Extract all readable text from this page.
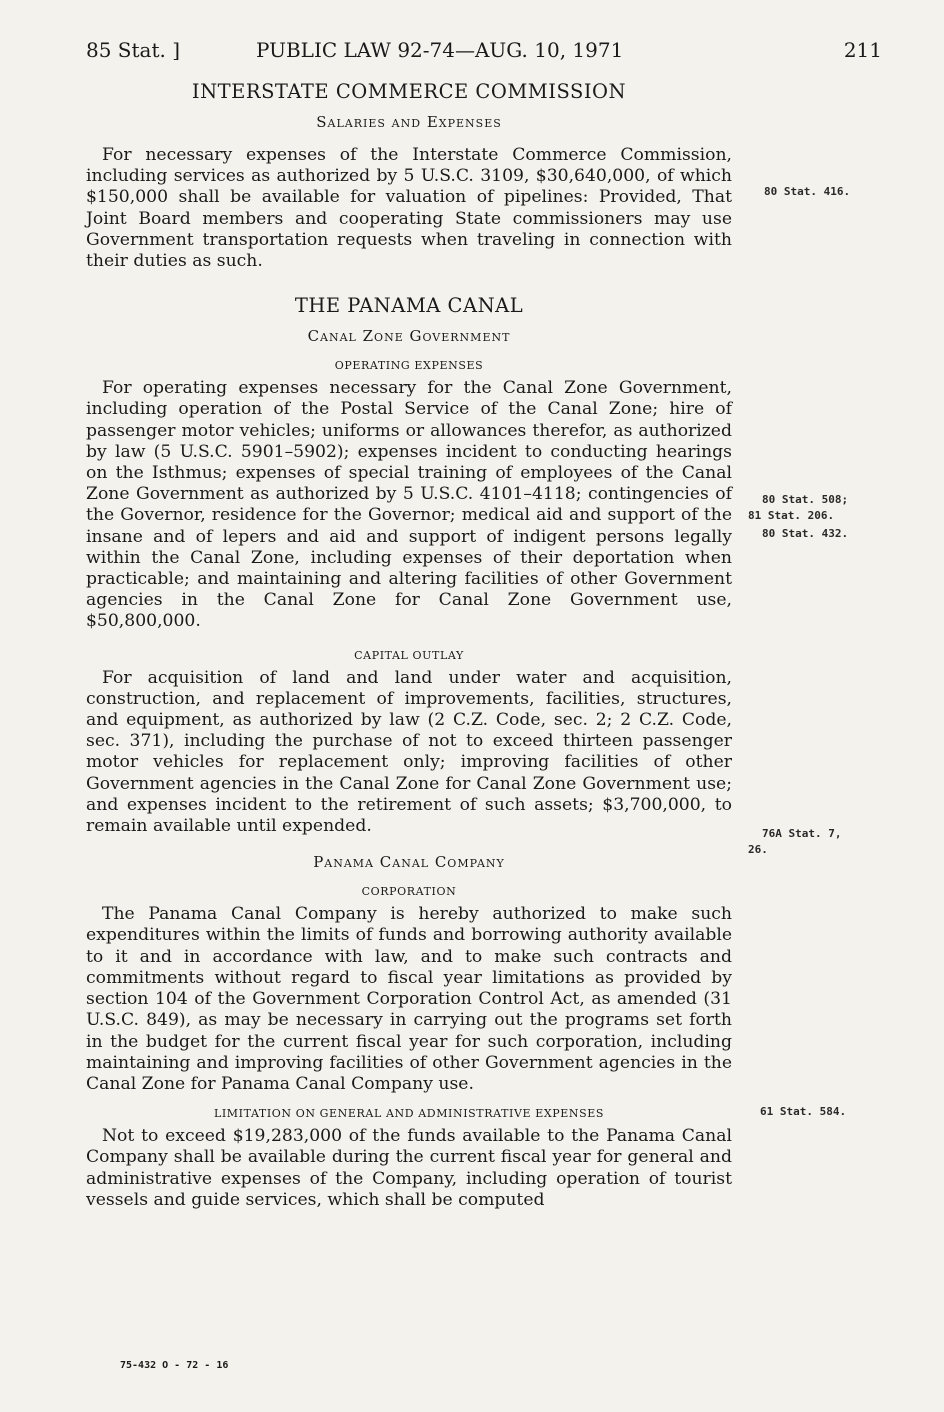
85 Stat. ]	PUBLIC LAW 92-74—AUG. 10, 1971	211
INTERSTATE COMMERCE COMMISSION
Salaries and Expenses

For necessary expenses of the Interstate Commerce Commission, including services as authorized by 5 U.S.C. 3109, $30,640,000, of which $150,000 shall be available for valuation of pipelines: Provided, That Joint Board members and cooperating State commissioners may use Government transportation requests when traveling in connection with their duties as such.

THE PANAMA CANAL
Canal Zone Government
OPERATING EXPENSES

For operating expenses necessary for the Canal Zone Government, including operation of the Postal Service of the Canal Zone; hire of passenger motor vehicles; uniforms or allowances therefor, as authorized by law (5 U.S.C. 5901–5902); expenses incident to conducting hearings on the Isthmus; expenses of special training of employees of the Canal Zone Government as authorized by 5 U.S.C. 4101–4118; contingencies of the Governor, residence for the Governor; medical aid and support of the insane and of lepers and aid and support of indigent persons legally within the Canal Zone, including expenses of their deportation when practicable; and maintaining and altering facilities of other Government agencies in the Canal Zone for Canal Zone Government use, $50,800,000.

CAPITAL OUTLAY

For acquisition of land and land under water and acquisition, construction, and replacement of improvements, facilities, structures, and equipment, as authorized by law (2 C.Z. Code, sec. 2; 2 C.Z. Code, sec. 371), including the purchase of not to exceed thirteen passenger motor vehicles for replacement only; improving facilities of other Government agencies in the Canal Zone for Canal Zone Government use; and expenses incident to the retirement of such assets; $3,700,000, to remain available until expended.

Panama Canal Company
CORPORATION

The Panama Canal Company is hereby authorized to make such expenditures within the limits of funds and borrowing authority available to it and in accordance with law, and to make such contracts and commitments without regard to fiscal year limitations as provided by section 104 of the Government Corporation Control Act, as amended (31 U.S.C. 849), as may be necessary in carrying out the programs set forth in the budget for the current fiscal year for such corporation, including maintaining and improving facilities of other Government agencies in the Canal Zone for Panama Canal Company use.

LIMITATION ON GENERAL AND ADMINISTRATIVE EXPENSES

Not to exceed $19,283,000 of the funds available to the Panama Canal Company shall be available during the current fiscal year for general and administrative expenses of the Company, including operation of tourist vessels and guide services, which shall be computed

80 Stat. 416.
80 Stat. 508;
81 Stat. 206.
80 Stat. 432.
76A Stat. 7,
26.
61 Stat. 584.
75-432 O - 72 - 16
